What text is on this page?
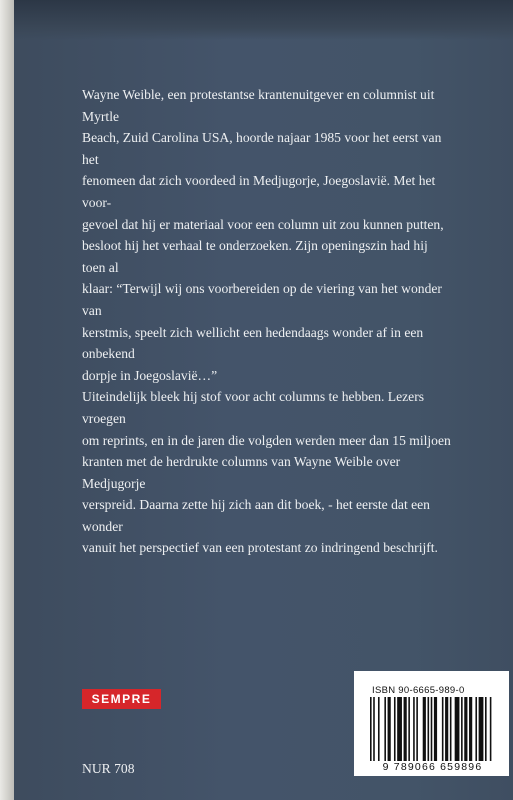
Wayne Weible, een protestantse krantenuitgever en columnist uit Myrtle
Beach, Zuid Carolina USA, hoorde najaar 1985 voor het eerst van het
fenomeen dat zich voordeed in Medjugorje, Joegoslavië. Met het voor-
gevoel dat hij er materiaal voor een column uit zou kunnen putten,
besloot hij het verhaal te onderzoeken. Zijn openingszin had hij toen al
klaar: “Terwijl wij ons voorbereiden op de viering van het wonder van
kerstmis, speelt zich wellicht een hedendaags wonder af in een onbekend
dorpje in Joegoslavië…”

Uiteindelijk bleek hij stof voor acht columns te hebben. Lezers vroegen
om reprints, en in de jaren die volgden werden meer dan 15 miljoen
kranten met de herdrukte columns van Wayne Weible over Medjugorje
verspreid. Daarna zette hij zich aan dit boek, - het eerste dat een wonder
vanuit het perspectief van een protestant zo indringend beschrijft.

SEMPRE
NUR 708
ISBN 90-6665-989-0
9 789066 659896
